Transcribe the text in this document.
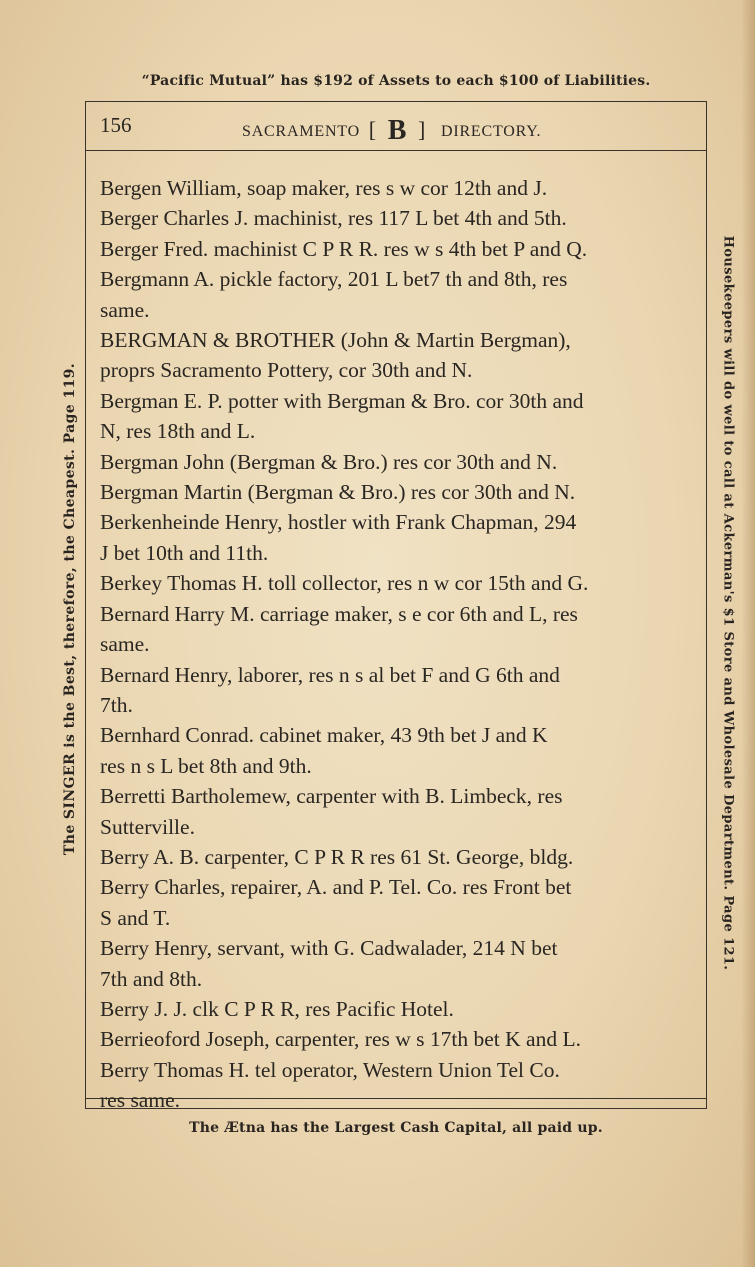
“Pacific Mutual” has $192 of Assets to each $100 of Liabilities.
156	SACRAMENTO [ B ] DIRECTORY.
Bergen William, soap maker, res s w cor 12th and J.
Berger Charles J. machinist, res 117 L bet 4th and 5th.
Berger Fred. machinist C P R R. res w s 4th bet P and Q.
Bergmann A. pickle factory, 201 L bet7 th and 8th, res
same.
BERGMAN & BROTHER (John & Martin Bergman),
proprs Sacramento Pottery, cor 30th and N.
Bergman E. P. potter with Bergman & Bro. cor 30th and
N, res 18th and L.
Bergman John (Bergman & Bro.) res cor 30th and N.
Bergman Martin (Bergman & Bro.) res cor 30th and N.
Berkenheinde Henry, hostler with Frank Chapman, 294
J bet 10th and 11th.
Berkey Thomas H. toll collector, res n w cor 15th and G.
Bernard Harry M. carriage maker, s e cor 6th and L, res
same.
Bernard Henry, laborer, res n s al bet F and G 6th and
7th.
Bernhard Conrad. cabinet maker, 43 9th bet J and K
res n s L bet 8th and 9th.
Berretti Bartholemew, carpenter with B. Limbeck, res
Sutterville.
Berry A. B. carpenter, C P R R res 61 St. George, bldg.
Berry Charles, repairer, A. and P. Tel. Co. res Front bet
S and T.
Berry Henry, servant, with G. Cadwalader, 214 N bet
7th and 8th.
Berry J. J. clk C P R R, res Pacific Hotel.
Berrieoford Joseph, carpenter, res w s 17th bet K and L.
Berry Thomas H. tel operator, Western Union Tel Co.
res same.
The SINGER is the Best, therefore, the Cheapest. Page 119.	Housekeepers will do well to call at Ackerman's $1 Store and Wholesale Department. Page 121.
The Ætna has the Largest Cash Capital, all paid up.
